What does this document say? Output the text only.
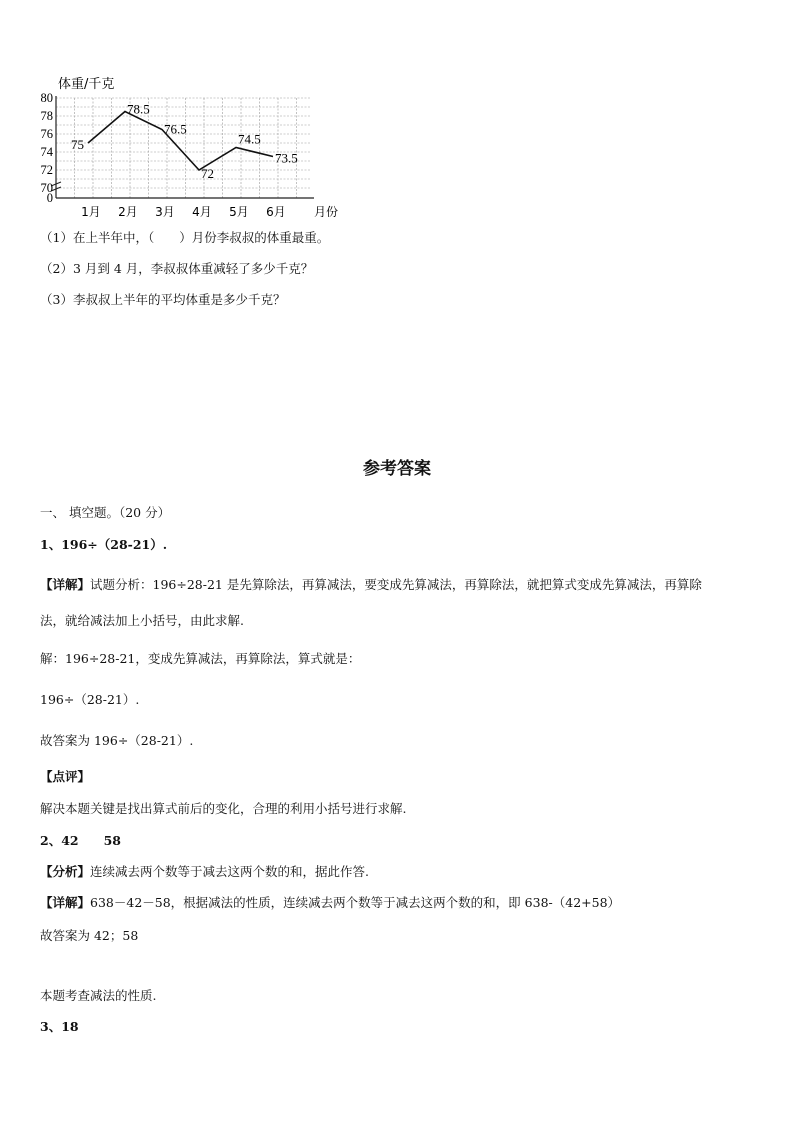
体重/千克
月份
80
78
76
74
72
70
0
1月 2月 3月 4月 5月 6月
75
78.5
76.5
72
74.5
73.5
（1）在上半年中，（　　）月份李叔叔的体重最重。
（2）3 月到 4 月，李叔叔体重减轻了多少千克？
（3）李叔叔上半年的平均体重是多少千克？
参考答案
一、 填空题。（20 分）
1、196÷（28-21）.
【详解】试题分析：196÷28-21 是先算除法，再算减法，要变成先算减法，再算除法，就把算式变成先算减法，再算除
法，就给减法加上小括号，由此求解.
解：196÷28-21，变成先算减法，再算除法，算式就是：
196÷（28-21）.
故答案为 196÷（28-21）.
【点评】
解决本题关键是找出算式前后的变化，合理的利用小括号进行求解.
2、42　　58
【分析】连续减去两个数等于减去这两个数的和，据此作答.
【详解】638－42－58，根据减法的性质，连续减去两个数等于减去这两个数的和，即 638-（42+58）
故答案为 42；58
本题考查减法的性质.
3、18
